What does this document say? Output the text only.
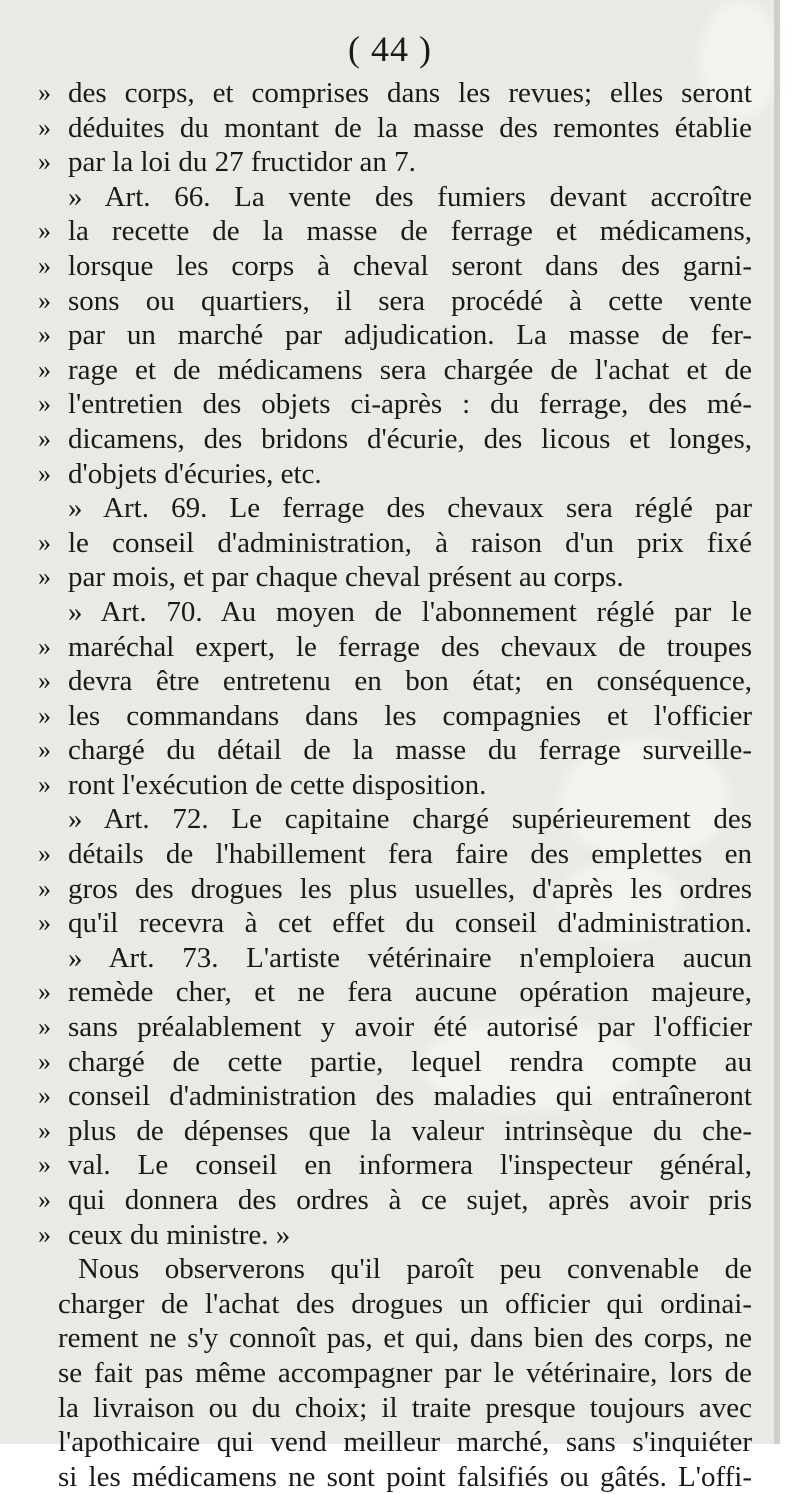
( 44 )
» des corps, et comprises dans les revues; elles seront
» déduites du montant de la masse des remontes établie
» par la loi du 27 fructidor an 7.
» Art. 66. La vente des fumiers devant accroître
» la recette de la masse de ferrage et médicamens,
» lorsque les corps à cheval seront dans des garni-
» sons ou quartiers, il sera procédé à cette vente
» par un marché par adjudication. La masse de fer-
» rage et de médicamens sera chargée de l'achat et de
» l'entretien des objets ci-après : du ferrage, des mé-
» dicamens, des bridons d'écurie, des licous et longes,
» d'objets d'écuries, etc.
» Art. 69. Le ferrage des chevaux sera réglé par
» le conseil d'administration, à raison d'un prix fixé
» par mois, et par chaque cheval présent au corps.
» Art. 70. Au moyen de l'abonnement réglé par le
» maréchal expert, le ferrage des chevaux de troupes
» devra être entretenu en bon état; en conséquence,
» les commandans dans les compagnies et l'officier
» chargé du détail de la masse du ferrage surveille-
» ront l'exécution de cette disposition.
» Art. 72. Le capitaine chargé supérieurement des
» détails de l'habillement fera faire des emplettes en
» gros des drogues les plus usuelles, d'après les ordres
» qu'il recevra à cet effet du conseil d'administration.
» Art. 73. L'artiste vétérinaire n'emploiera aucun
» remède cher, et ne fera aucune opération majeure,
» sans préalablement y avoir été autorisé par l'officier
» chargé de cette partie, lequel rendra compte au
» conseil d'administration des maladies qui entraîneront
» plus de dépenses que la valeur intrinsèque du che-
» val. Le conseil en informera l'inspecteur général,
» qui donnera des ordres à ce sujet, après avoir pris
» ceux du ministre. »
Nous observerons qu'il paroît peu convenable de
charger de l'achat des drogues un officier qui ordinai-
rement ne s'y connoît pas, et qui, dans bien des corps, ne
se fait pas même accompagner par le vétérinaire, lors de
la livraison ou du choix; il traite presque toujours avec
l'apothicaire qui vend meilleur marché, sans s'inquiéter
si les médicamens ne sont point falsifiés ou gâtés. L'offi-
